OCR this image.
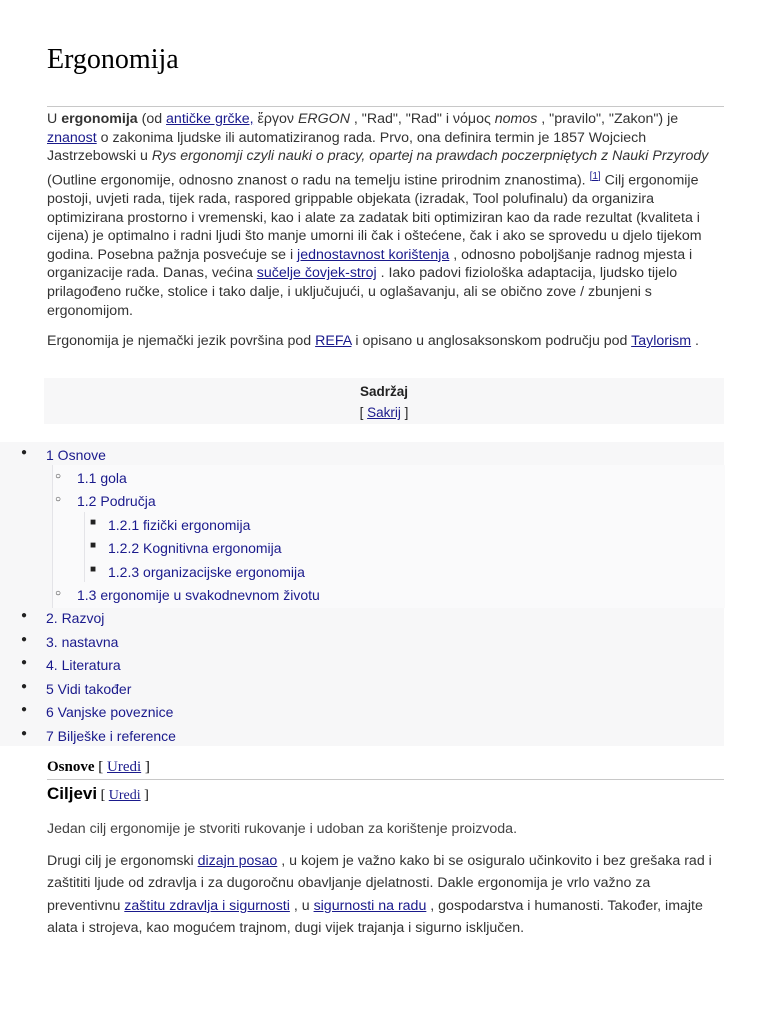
Ergonomija

U ergonomija (od antičke grčke, ἔργον ERGON , "Rad", "Rad" i νόμος nomos , "pravilo", "Zakon") je znanost o zakonima ljudske ili automatiziranog rada. Prvo, ona definira termin je 1857 Wojciech Jastrzebowski u Rys ergonomji czyli nauki o pracy, opartej na prawdach poczerpniętych z Nauki Przyrody (Outline ergonomije, odnosno znanost o radu na temelju istine prirodnim znanostima). [1] Cilj ergonomije postoji, uvjeti rada, tijek rada, raspored grippable objekata (izradak, Tool polufinalu) da organizira optimizirana prostorno i vremenski, kao i alate za zadatak biti optimiziran kao da rade rezultat (kvaliteta i cijena) je optimalno i radni ljudi što manje umorni ili čak i oštećene, čak i ako se sprovedu u djelo tijekom godina. Posebna pažnja posvećuje se i jednostavnost korištenja , odnosno poboljšanje radnog mjesta i organizacije rada. Danas, većina sučelje čovjek-stroj . Iako padovi fiziološka adaptacija, ljudsko tijelo prilagođeno ručke, stolice i tako dalje, i uključujući, u oglašavanju, ali se obično zove / zbunjeni s ergonomijom.

Ergonomija je njemački jezik površina pod REFA i opisano u anglosaksonskom području pod Taylorism .

Sadržaj
[ Sakrij ]
● 1 Osnove
○ 1.1 gola
○ 1.2 Područja
■ 1.2.1 fizički ergonomija
■ 1.2.2 Kognitivna ergonomija
■ 1.2.3 organizacijske ergonomija
○ 1.3 ergonomije u svakodnevnom životu
● 2. Razvoj
● 3. nastavna
● 4. Literatura
● 5 Vidi također
● 6 Vanjske poveznice
● 7 Bilješke i reference
Osnove [ Uredi ]
Ciljevi [ Uredi ]

Jedan cilj ergonomije je stvoriti rukovanje i udoban za korištenje proizvoda.

Drugi cilj je ergonomski dizajn posao , u kojem je važno kako bi se osiguralo učinkovito i bez grešaka rad i zaštititi ljude od zdravlja i za dugoročnu obavljanje djelatnosti. Dakle ergonomija je vrlo važno za preventivnu zaštitu zdravlja i sigurnosti , u sigurnosti na radu , gospodarstva i humanosti. Također, imajte alata i strojeva, kao mogućem trajnom, dugi vijek trajanja i sigurno isključen.
